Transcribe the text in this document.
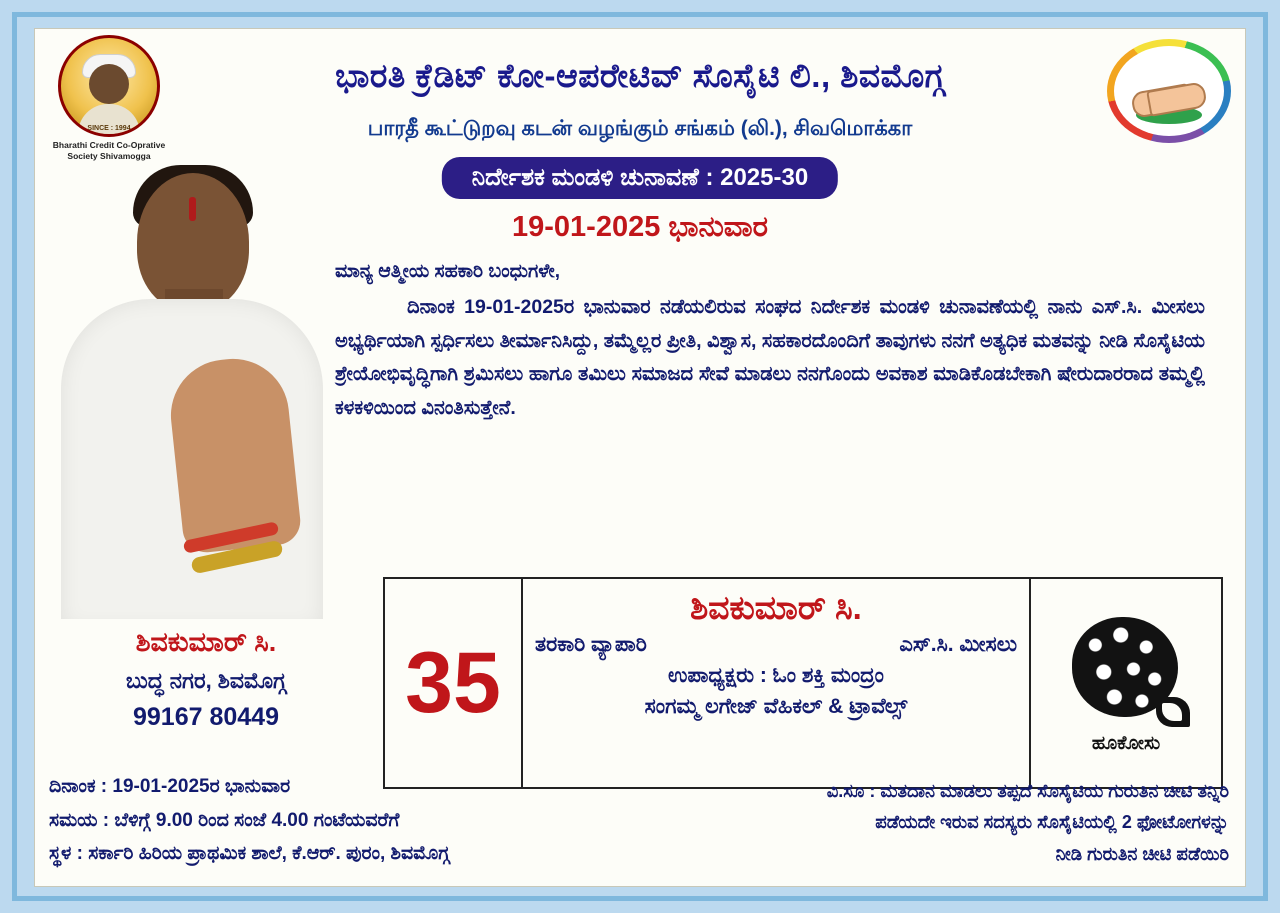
SINCE : 1994
Bharathi Credit Co-Oprative Society Shivamogga
ಭಾರತಿ ಕ್ರೆಡಿಟ್ ಕೋ-ಆಪರೇಟಿವ್ ಸೊಸೈಟಿ ಲಿ., ಶಿವಮೊಗ್ಗ
பாரதீ கூட்டுறவு கடன் வழங்கும் சங்கம் (லி.), சிவமொக்கா
ನಿರ್ದೇಶಕ ಮಂಡಳಿ ಚುನಾವಣೆ : 2025-30
19-01-2025 ಭಾನುವಾರ
ಮಾನ್ಯ ಆತ್ಮೀಯ ಸಹಕಾರಿ ಬಂಧುಗಳೇ,
ದಿನಾಂಕ 19-01-2025ರ ಭಾನುವಾರ ನಡೆಯಲಿರುವ ಸಂಘದ ನಿರ್ದೇಶಕ ಮಂಡಳಿ ಚುನಾವಣೆಯಲ್ಲಿ ನಾನು ಎಸ್.ಸಿ. ಮೀಸಲು ಅಭ್ಯರ್ಥಿಯಾಗಿ ಸ್ಪರ್ಧಿಸಲು ತೀರ್ಮಾನಿಸಿದ್ದು, ತಮ್ಮೆಲ್ಲರ ಪ್ರೀತಿ, ವಿಶ್ವಾಸ, ಸಹಕಾರದೊಂದಿಗೆ ತಾವುಗಳು ನನಗೆ ಅತ್ಯಧಿಕ ಮತವನ್ನು ನೀಡಿ ಸೊಸೈಟಿಯ ಶ್ರೇಯೋಭಿವೃದ್ಧಿಗಾಗಿ ಶ್ರಮಿಸಲು ಹಾಗೂ ತಮಿಲು ಸಮಾಜದ ಸೇವೆ ಮಾಡಲು ನನಗೊಂದು ಅವಕಾಶ ಮಾಡಿಕೊಡಬೇಕಾಗಿ ಷೇರುದಾರರಾದ ತಮ್ಮಲ್ಲಿ ಕಳಕಳಿಯಿಂದ ವಿನಂತಿಸುತ್ತೇನೆ.
ಶಿವಕುಮಾರ್ ಸಿ.
ಬುದ್ಧ ನಗರ, ಶಿವಮೊಗ್ಗ
99167 80449	35
ಶಿವಕುಮಾರ್ ಸಿ.
ತರಕಾರಿ ವ್ಯಾಪಾರಿ	ಎಸ್.ಸಿ. ಮೀಸಲು
ಉಪಾಧ್ಯಕ್ಷರು : ಓಂ ಶಕ್ತಿ ಮಂದ್ರಂ
ಸಂಗಮ್ಮ ಲಗೇಜ್ ವೆಹಿಕಲ್ & ಟ್ರಾವೆಲ್ಸ್
ಹೂಕೋಸು
ದಿನಾಂಕ : 19-01-2025ರ ಭಾನುವಾರ
ಸಮಯ : ಬೆಳಿಗ್ಗೆ 9.00 ರಿಂದ ಸಂಜೆ 4.00 ಗಂಟೆಯವರೆಗೆ
ಸ್ಥಳ : ಸರ್ಕಾರಿ ಹಿರಿಯ ಪ್ರಾಥಮಿಕ ಶಾಲೆ, ಕೆ.ಆರ್. ಪುರಂ, ಶಿವಮೊಗ್ಗ
ವಿ.ಸೂ : ಮತದಾನ ಮಾಡಲು ತಪ್ಪದೆ ಸೊಸೈಟಿಯ ಗುರುತಿನ ಚೀಟಿ ತನ್ನಿರಿ
ಪಡೆಯದೇ ಇರುವ ಸದಸ್ಯರು ಸೊಸೈಟಿಯಲ್ಲಿ 2 ಫೋಟೋಗಳನ್ನು
ನೀಡಿ ಗುರುತಿನ ಚೀಟಿ ಪಡೆಯಿರಿ
